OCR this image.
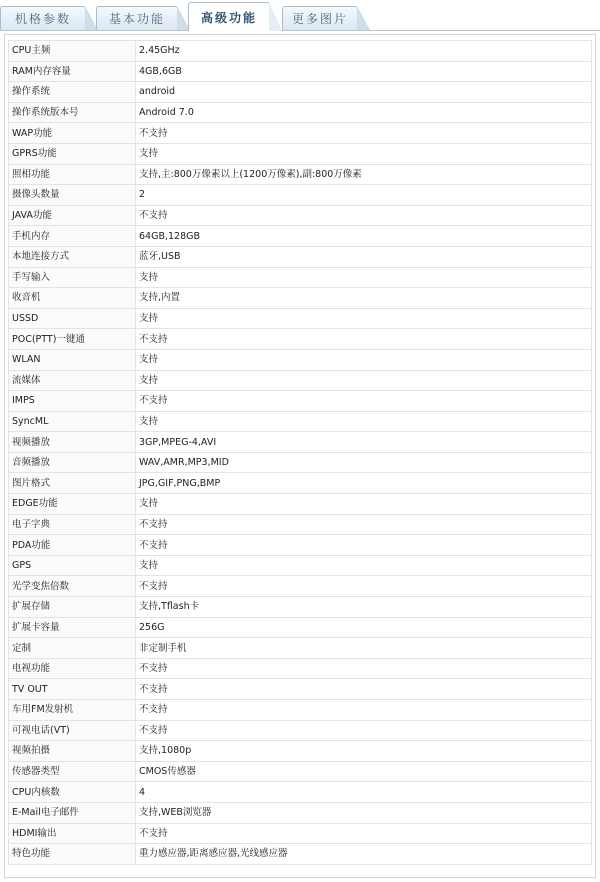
机格参数	基本功能	高级功能	更多图片
CPU主频	2.45GHz
RAM内存容量	4GB,6GB
操作系统	android
操作系统版本号	Android 7.0
WAP功能	不支持
GPRS功能	支持
照相功能	支持,主:800万像素以上(1200万像素),副:800万像素
摄像头数量	2
JAVA功能	不支持
手机内存	64GB,128GB
本地连接方式	蓝牙,USB
手写输入	支持
收音机	支持,内置
USSD	支持
POC(PTT)一键通	不支持
WLAN	支持
流媒体	支持
IMPS	不支持
SyncML	支持
视频播放	3GP,MPEG-4,AVI
音频播放	WAV,AMR,MP3,MID
图片格式	JPG,GIF,PNG,BMP
EDGE功能	支持
电子字典	不支持
PDA功能	不支持
GPS	支持
光学变焦倍数	不支持
扩展存储	支持,Tflash卡
扩展卡容量	256G
定制	非定制手机
电视功能	不支持
TV OUT	不支持
车用FM发射机	不支持
可视电话(VT)	不支持
视频拍摄	支持,1080p
传感器类型	CMOS传感器
CPU内核数	4
E-Mail电子邮件	支持,WEB浏览器
HDMI输出	不支持
特色功能	重力感应器,距离感应器,光线感应器
